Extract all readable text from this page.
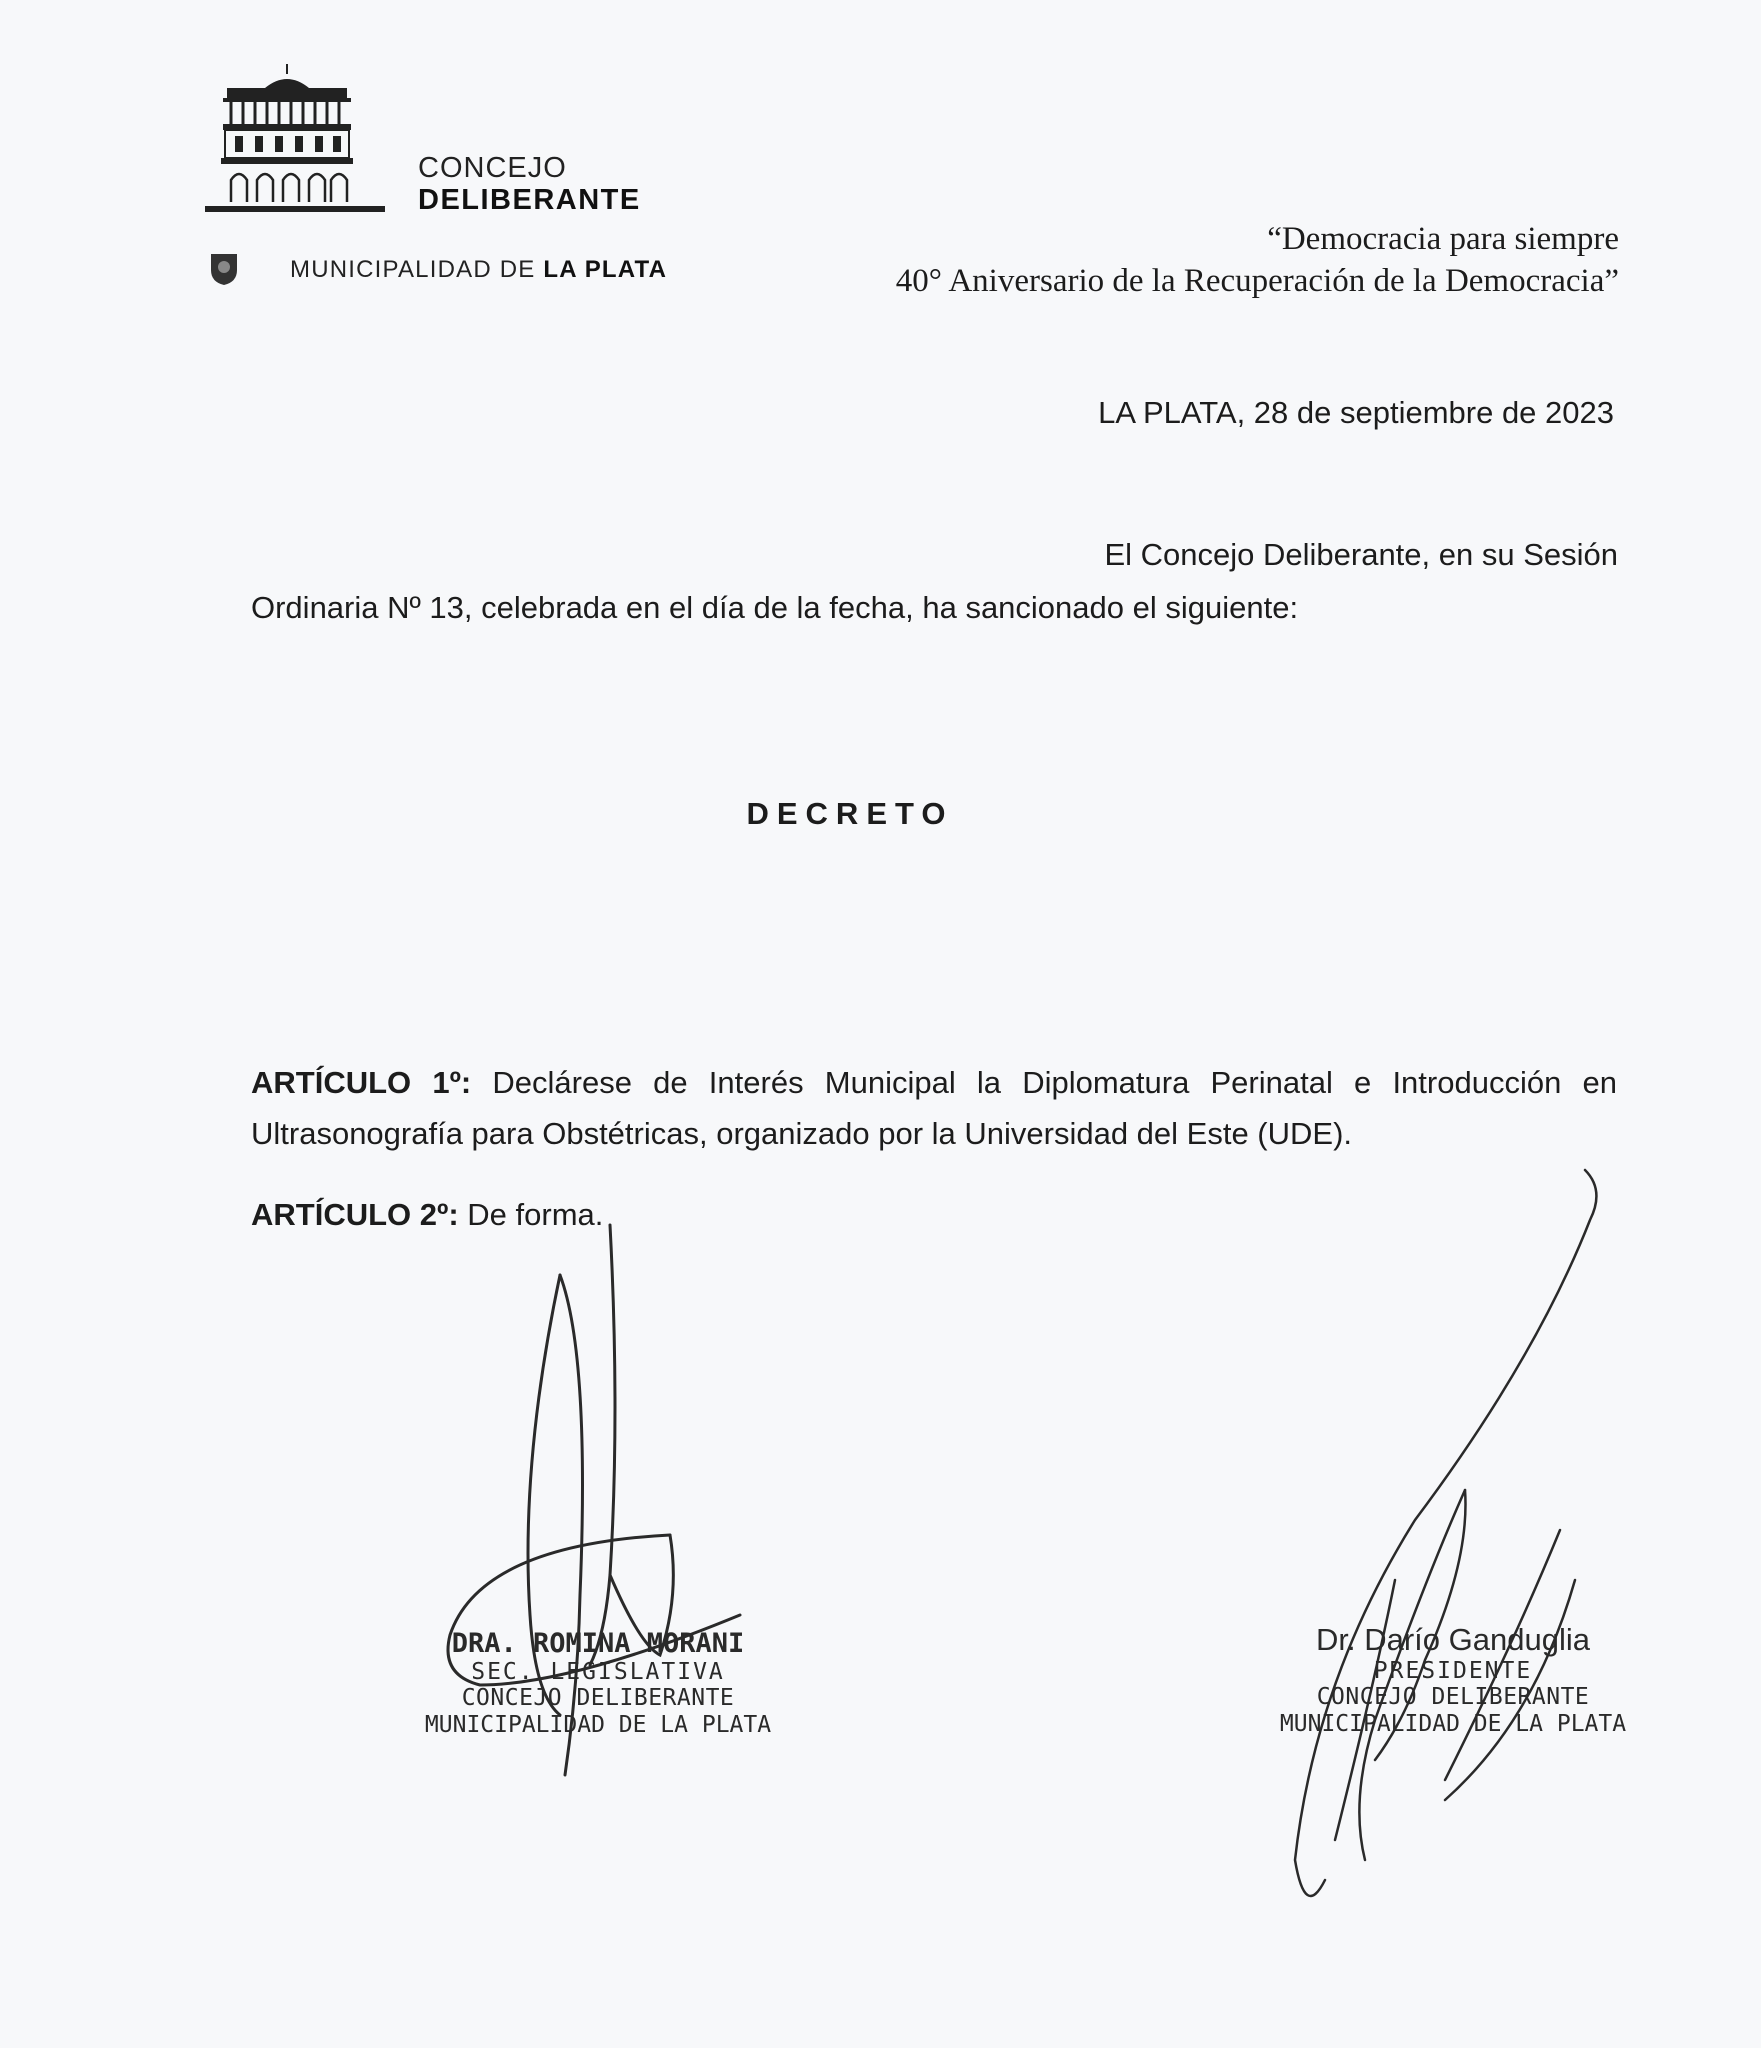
CONCEJO
DELIBERANTE
MUNICIPALIDAD DE LA PLATA
“Democracia para siempre
40° Aniversario de la Recuperación de la Democracia”
LA PLATA, 28 de septiembre de 2023
El Concejo Deliberante, en su Sesión
Ordinaria Nº 13, celebrada en el día de la fecha, ha sancionado el siguiente:
DECRETO
ARTÍCULO 1º: Declárese de Interés Municipal la Diplomatura Perinatal e Introducción en Ultrasonografía para Obstétricas, organizado por la Universidad del Este (UDE).
ARTÍCULO 2º: De forma.
DRA. ROMINA MORANI
SEC. LEGISLATIVA
CONCEJO DELIBERANTE
MUNICIPALIDAD DE LA PLATA
Dr. Darío Ganduglia
PRESIDENTE
CONCEJO DELIBERANTE
MUNICIPALIDAD DE LA PLATA
